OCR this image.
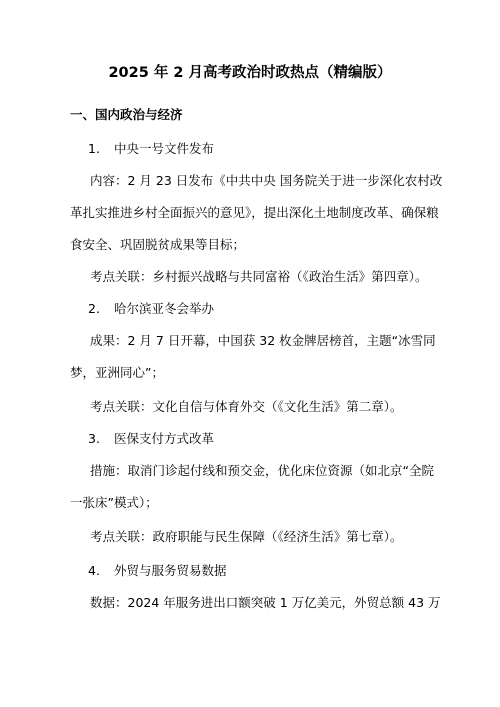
2025 年 2 月高考政治时政热点（精编版）
一、国内政治与经济
1. 中央一号文件发布
内容：2 月 23 日发布《中共中央 国务院关于进一步深化农村改
革扎实推进乡村全面振兴的意见》，提出深化土地制度改革、确保粮
食安全、巩固脱贫成果等目标；
考点关联：乡村振兴战略与共同富裕（《政治生活》第四章）。
2. 哈尔滨亚冬会举办
成果：2 月 7 日开幕，中国获 32 枚金牌居榜首，主题“冰雪同
梦，亚洲同心”；
考点关联：文化自信与体育外交（《文化生活》第二章）。
3. 医保支付方式改革
措施：取消门诊起付线和预交金，优化床位资源（如北京“全院
一张床”模式）；
考点关联：政府职能与民生保障（《经济生活》第七章）。
4. 外贸与服务贸易数据
数据：2024 年服务进出口额突破 1 万亿美元，外贸总额 43 万
